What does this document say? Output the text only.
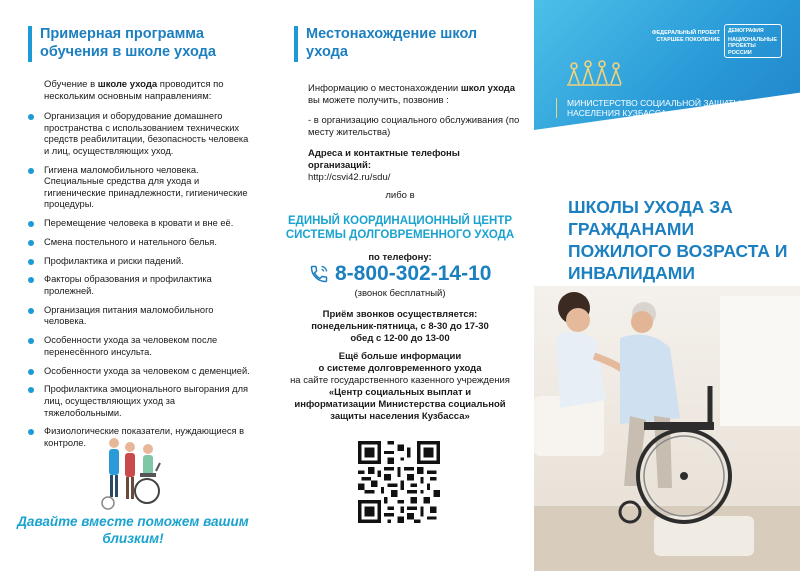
Примерная программа обучения в школе ухода
Обучение в школе ухода проводится по нескольким основным направлениям:
Организация и оборудование домашнего пространства с использованием технических средств реабилитации, безопасность человека и лиц, осуществляющих уход.
Гигиена маломобильного человека. Специальные средства для ухода и гигиенические принадлежности, гигиенические процедуры.
Перемещение человека в кровати и вне её.
Смена постельного и нательного белья.
Профилактика и риски падений.
Факторы образования и профилактика пролежней.
Организация питания маломобильного человека.
Особенности ухода за человеком после перенесённого инсульта.
Особенности ухода за человеком с деменцией.
Профилактика эмоционального выгорания для лиц, осуществляющих уход за тяжелобольными.
Физиологические показатели, нуждающиеся в контроле.
Давайте вместе поможем вашим близким!
Местонахождение школ ухода
Информацию о местонахождении школ ухода вы можете получить, позвонив :
- в организацию социального обслуживания (по месту жительства)
Адреса и контактные телефоны организаций:
http://csvi42.ru/sdu/
либо в
ЕДИНЫЙ КООРДИНАЦИОННЫЙ ЦЕНТР СИСТЕМЫ ДОЛГОВРЕМЕННОГО УХОДА
по телефону:
8-800-302-14-10
(звонок бесплатный)
Приём звонков осуществляется:
понедельник-пятница, с 8-30 до 17-30
обед с 12-00 до 13-00
Ещё больше информации
о системе долговременного ухода
на сайте государственного казенного учреждения
«Центр социальных выплат и информатизации Министерства социальной защиты населения Кузбасса»
ФЕДЕРАЛЬНЫЙ ПРОЕКТ СТАРШЕЕ ПОКОЛЕНИЕ
ДЕМОГРАФИЯ
НАЦИОНАЛЬНЫЕ ПРОЕКТЫ РОССИИ
МИНИСТЕРСТВО СОЦИАЛЬНОЙ ЗАЩИТЫ НАСЕЛЕНИЯ КУЗБАССА
ШКОЛЫ УХОДА ЗА ГРАЖДАНАМИ ПОЖИЛОГО ВОЗРАСТА И ИНВАЛИДАМИ
